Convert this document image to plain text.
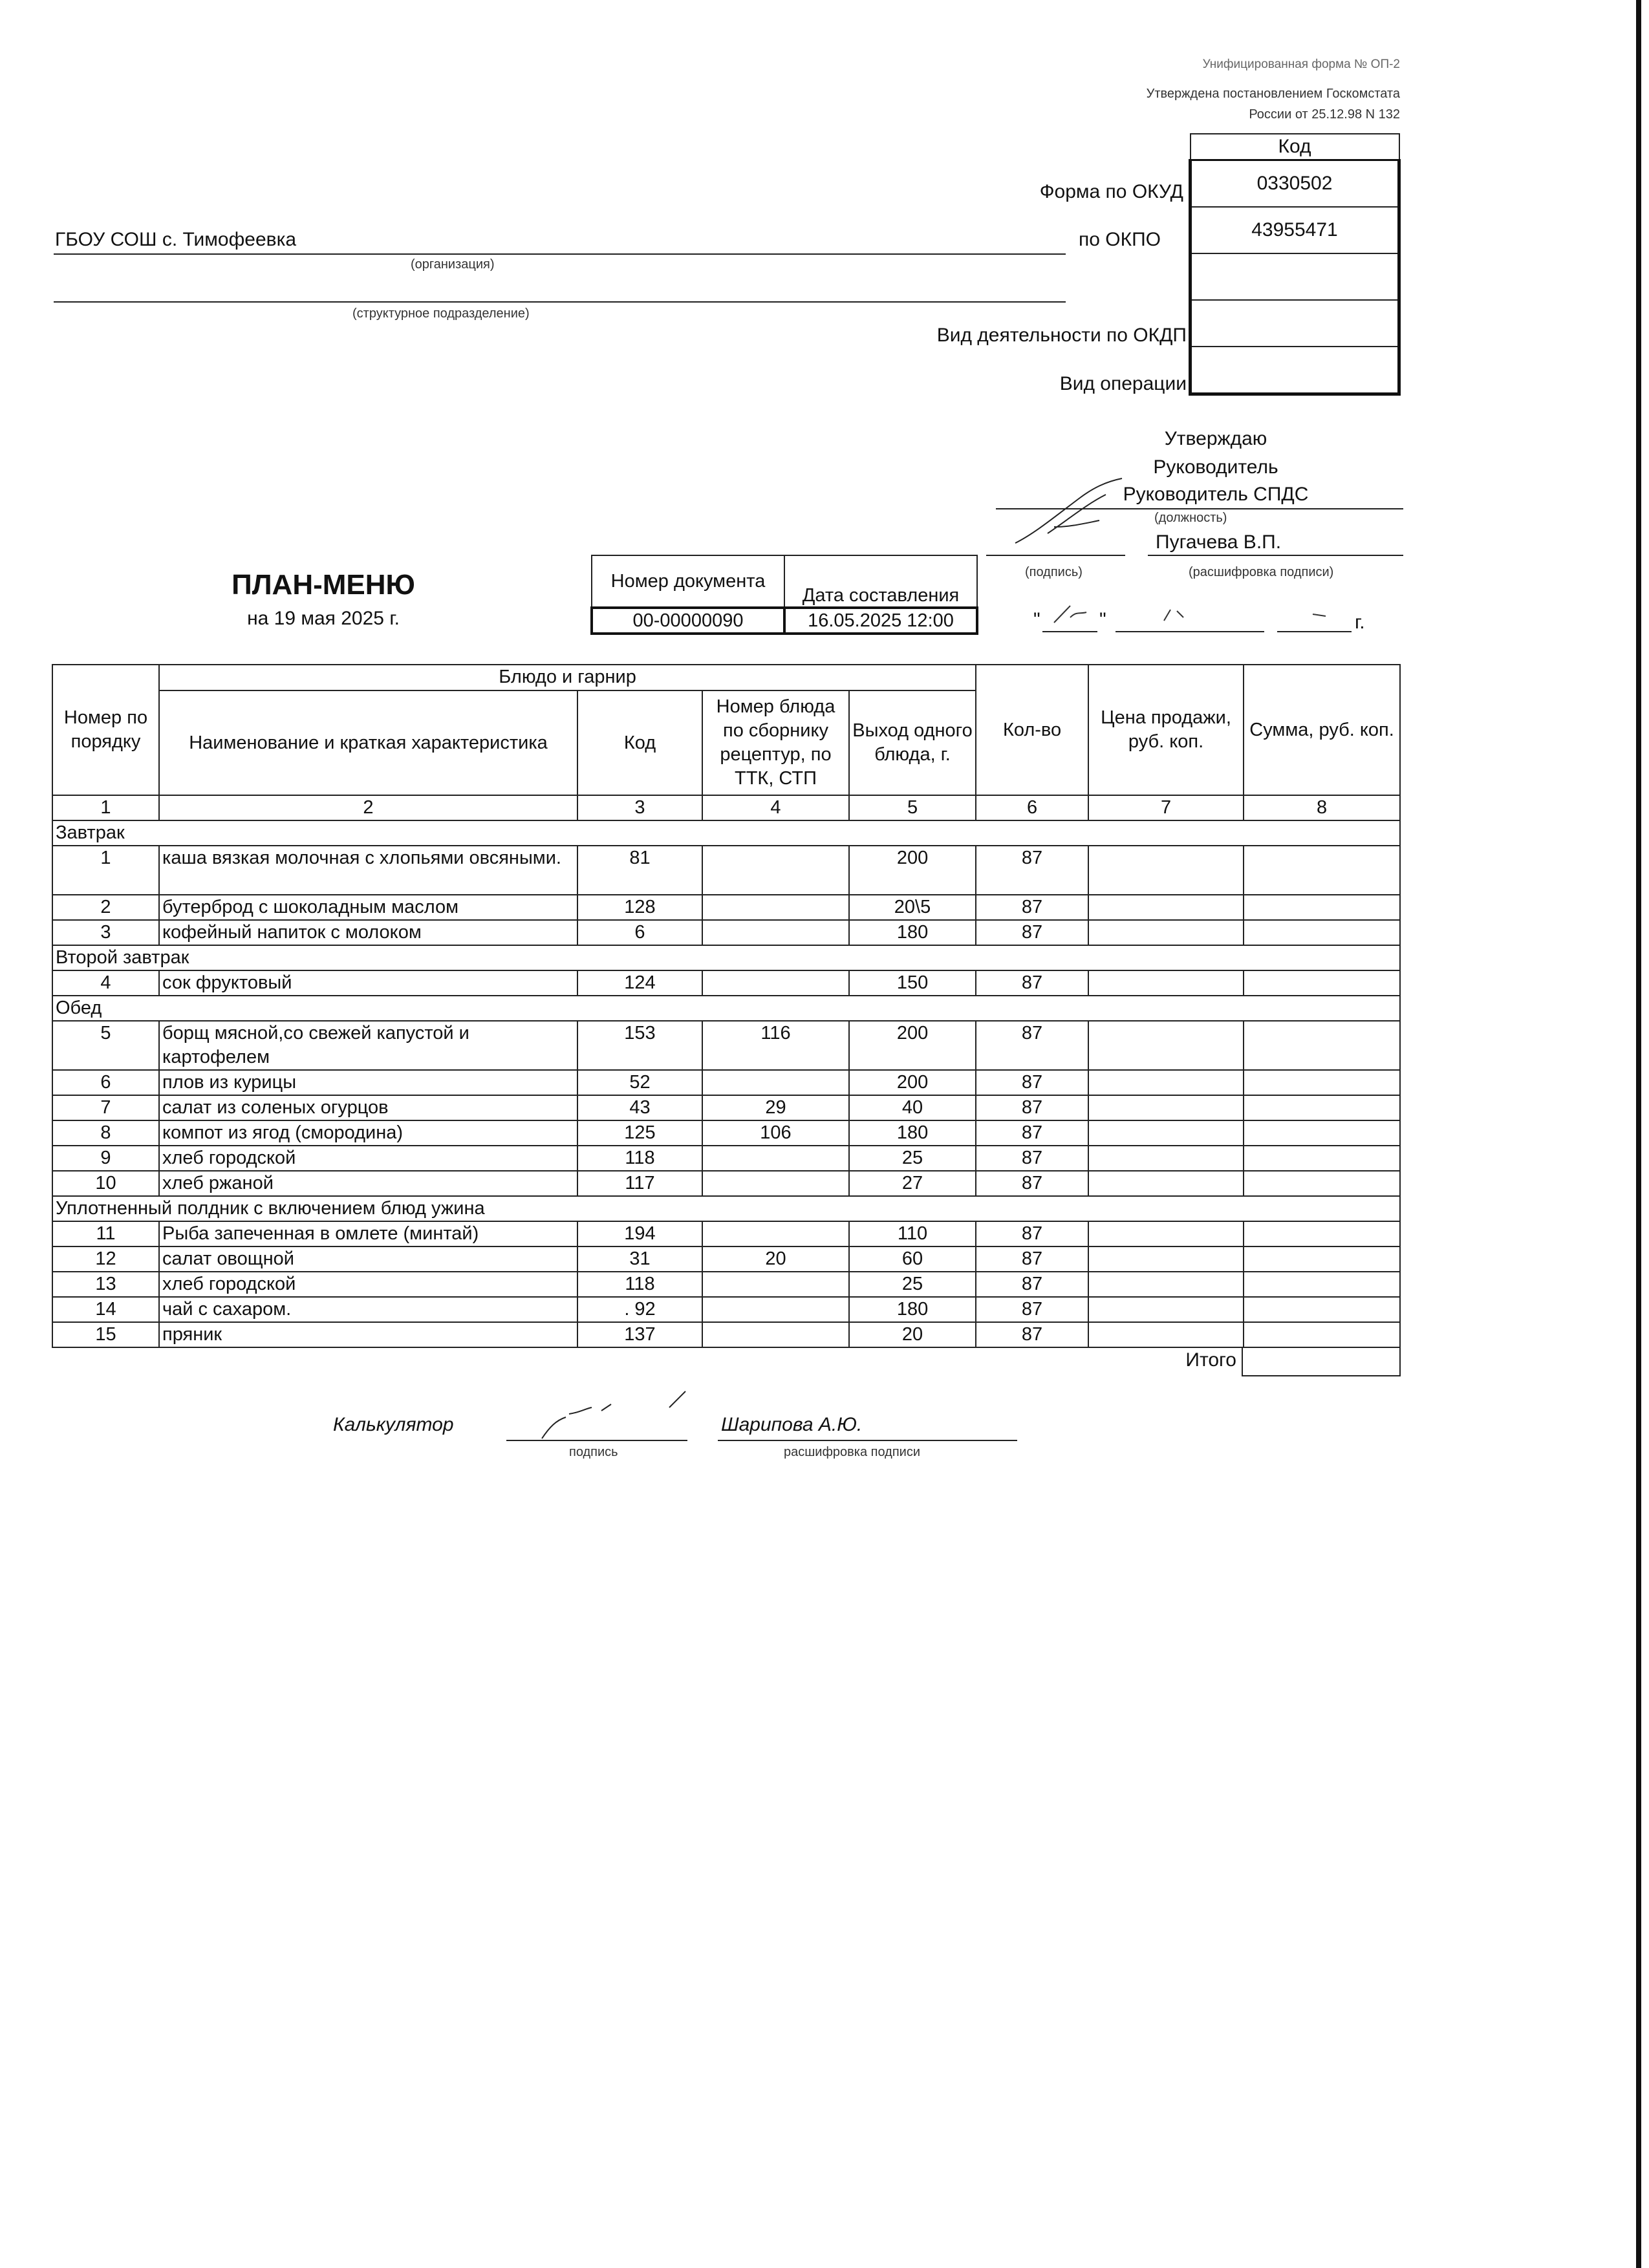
Унифицированная форма № ОП-2
Утверждена постановлением Госкомстата
России от 25.12.98 N 132
Код
0330502
43955471

Форма по ОКУД
по ОКПО
Вид деятельности по ОКДП
Вид операции
ГБОУ СОШ с. Тимофеевка
(организация)
(структурное подразделение)
Утверждаю
Руководитель
Руководитель СПДС
(должность)
Пугачева В.П.
(подпись)	(расшифровка подписи)
"	"	г.
ПЛАН-МЕНЮ
на 19 мая 2025 г.
Номер документа	Дата составления
00-00000090	16.05.2025 12:00
Номер по порядку	Блюдо и гарнир				Кол-во	Цена продажи, руб. коп.	Сумма, руб. коп.
	Наименование и краткая характеристика	Код	Номер блюда по сборнику рецептур, по ТТК, СТП	Выход одного блюда, г.			
1	2	3	4	5	6	7	8
Завтрак							
1	каша вязкая молочная с хлопьями овсяными.	81		200	87		
2	бутерброд с шоколадным маслом	128		20\5	87		
3	кофейный напиток с молоком	6		180	87		
Второй завтрак							
4	сок фруктовый	124		150	87		
Обед							
5	борщ мясной,со свежей капустой и картофелем	153	116	200	87		
6	плов из курицы	52		200	87		
7	салат из соленых огурцов	43	29	40	87		
8	компот из ягод (смородина)	125	106	180	87		
9	хлеб городской	118		25	87		
10	хлеб ржаной	117		27	87		
Уплотненный полдник с включением блюд ужина							
11	Рыба запеченная в омлете (минтай)	194		110	87		
12	салат овощной	31	20	60	87		
13	хлеб городской	118		25	87		
14	чай с сахаром.	. 92		180	87		
15	пряник	137		20	87		
Итого
Калькулятор	Шарипова А.Ю.
подпись	расшифровка подписи
